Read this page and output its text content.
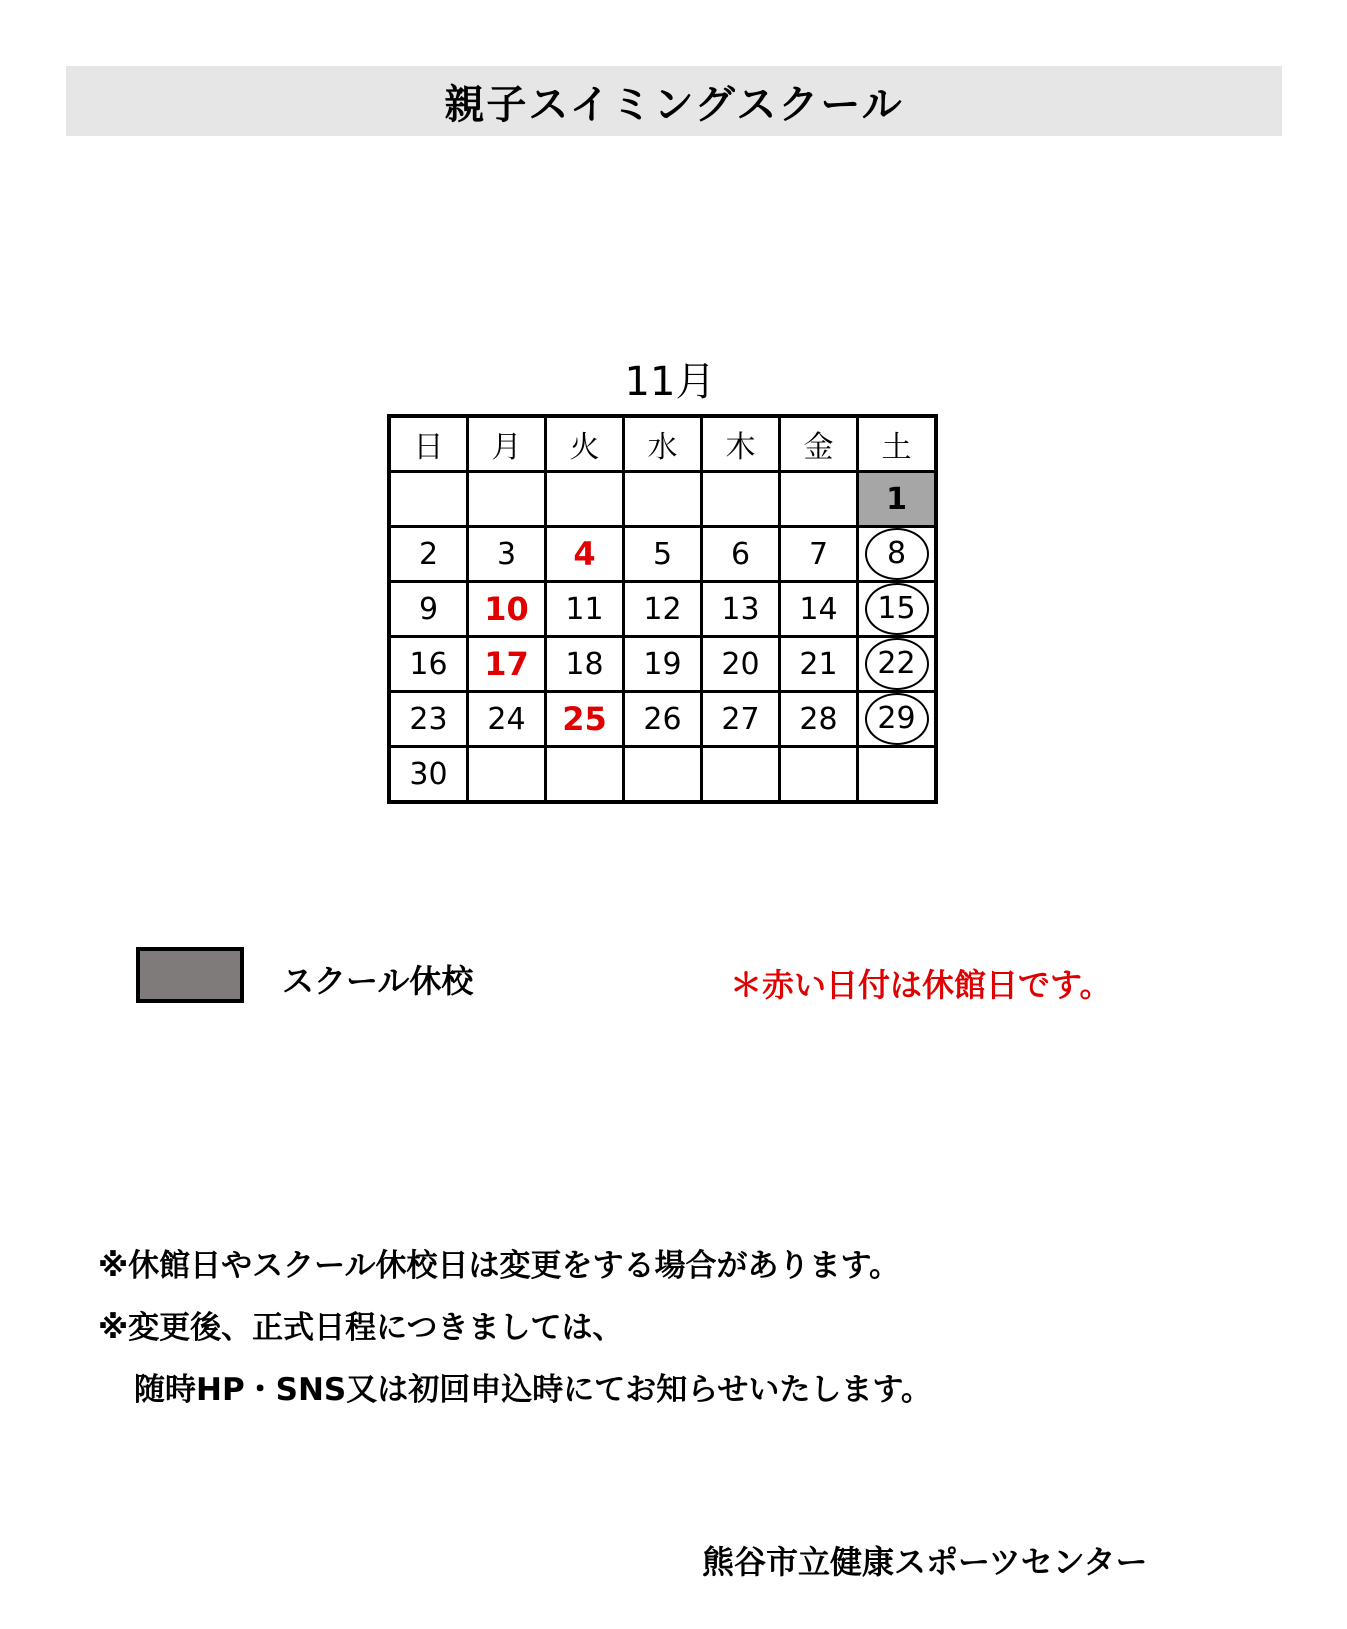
親子スイミングスクール
11月
日	月	火	水	木	金	土
						1
2	3	4	5	6	7	8
9	10	11	12	13	14	15
16	17	18	19	20	21	22
23	24	25	26	27	28	29
30						
スクール休校	＊赤い日付は休館日です。
※休館日やスクール休校日は変更をする場合があります。
※変更後、正式日程につきましては、
随時HP・SNS又は初回申込時にてお知らせいたします。
熊谷市立健康スポーツセンター
